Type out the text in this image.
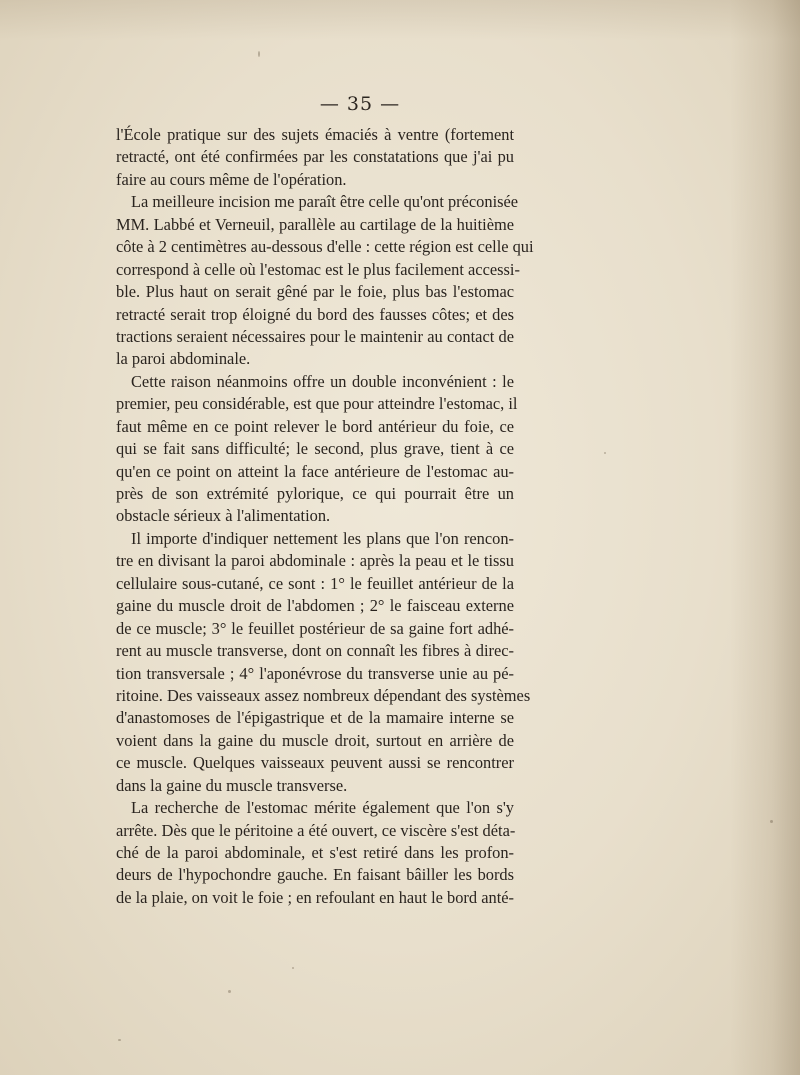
— 35 —
l'École pratique sur des sujets émaciés à ventre (fortement
retracté, ont été confirmées par les constatations que j'ai pu
faire au cours même de l'opération.
La meilleure incision me paraît être celle qu'ont préconisée
MM. Labbé et Verneuil, parallèle au cartilage de la huitième
côte à 2 centimètres au-dessous d'elle : cette région est celle qui
correspond à celle où l'estomac est le plus facilement accessi-
ble. Plus haut on serait gêné par le foie, plus bas l'estomac
retracté serait trop éloigné du bord des fausses côtes; et des
tractions seraient nécessaires pour le maintenir au contact de
la paroi abdominale.
Cette raison néanmoins offre un double inconvénient : le
premier, peu considérable, est que pour atteindre l'estomac, il
faut même en ce point relever le bord antérieur du foie, ce
qui se fait sans difficulté; le second, plus grave, tient à ce
qu'en ce point on atteint la face antérieure de l'estomac au-
près de son extrémité pylorique, ce qui pourrait être un
obstacle sérieux à l'alimentation.
Il importe d'indiquer nettement les plans que l'on rencon-
tre en divisant la paroi abdominale : après la peau et le tissu
cellulaire sous-cutané, ce sont : 1° le feuillet antérieur de la
gaine du muscle droit de l'abdomen ; 2° le faisceau externe
de ce muscle; 3° le feuillet postérieur de sa gaine fort adhé-
rent au muscle transverse, dont on connaît les fibres à direc-
tion transversale ; 4° l'aponévrose du transverse unie au pé-
ritoine. Des vaisseaux assez nombreux dépendant des systèmes
d'anastomoses de l'épigastrique et de la mamaire interne se
voient dans la gaine du muscle droit, surtout en arrière de
ce muscle. Quelques vaisseaux peuvent aussi se rencontrer
dans la gaine du muscle transverse.
La recherche de l'estomac mérite également que l'on s'y
arrête. Dès que le péritoine a été ouvert, ce viscère s'est déta-
ché de la paroi abdominale, et s'est retiré dans les profon-
deurs de l'hypochondre gauche. En faisant bâiller les bords
de la plaie, on voit le foie ; en refoulant en haut le bord anté-
